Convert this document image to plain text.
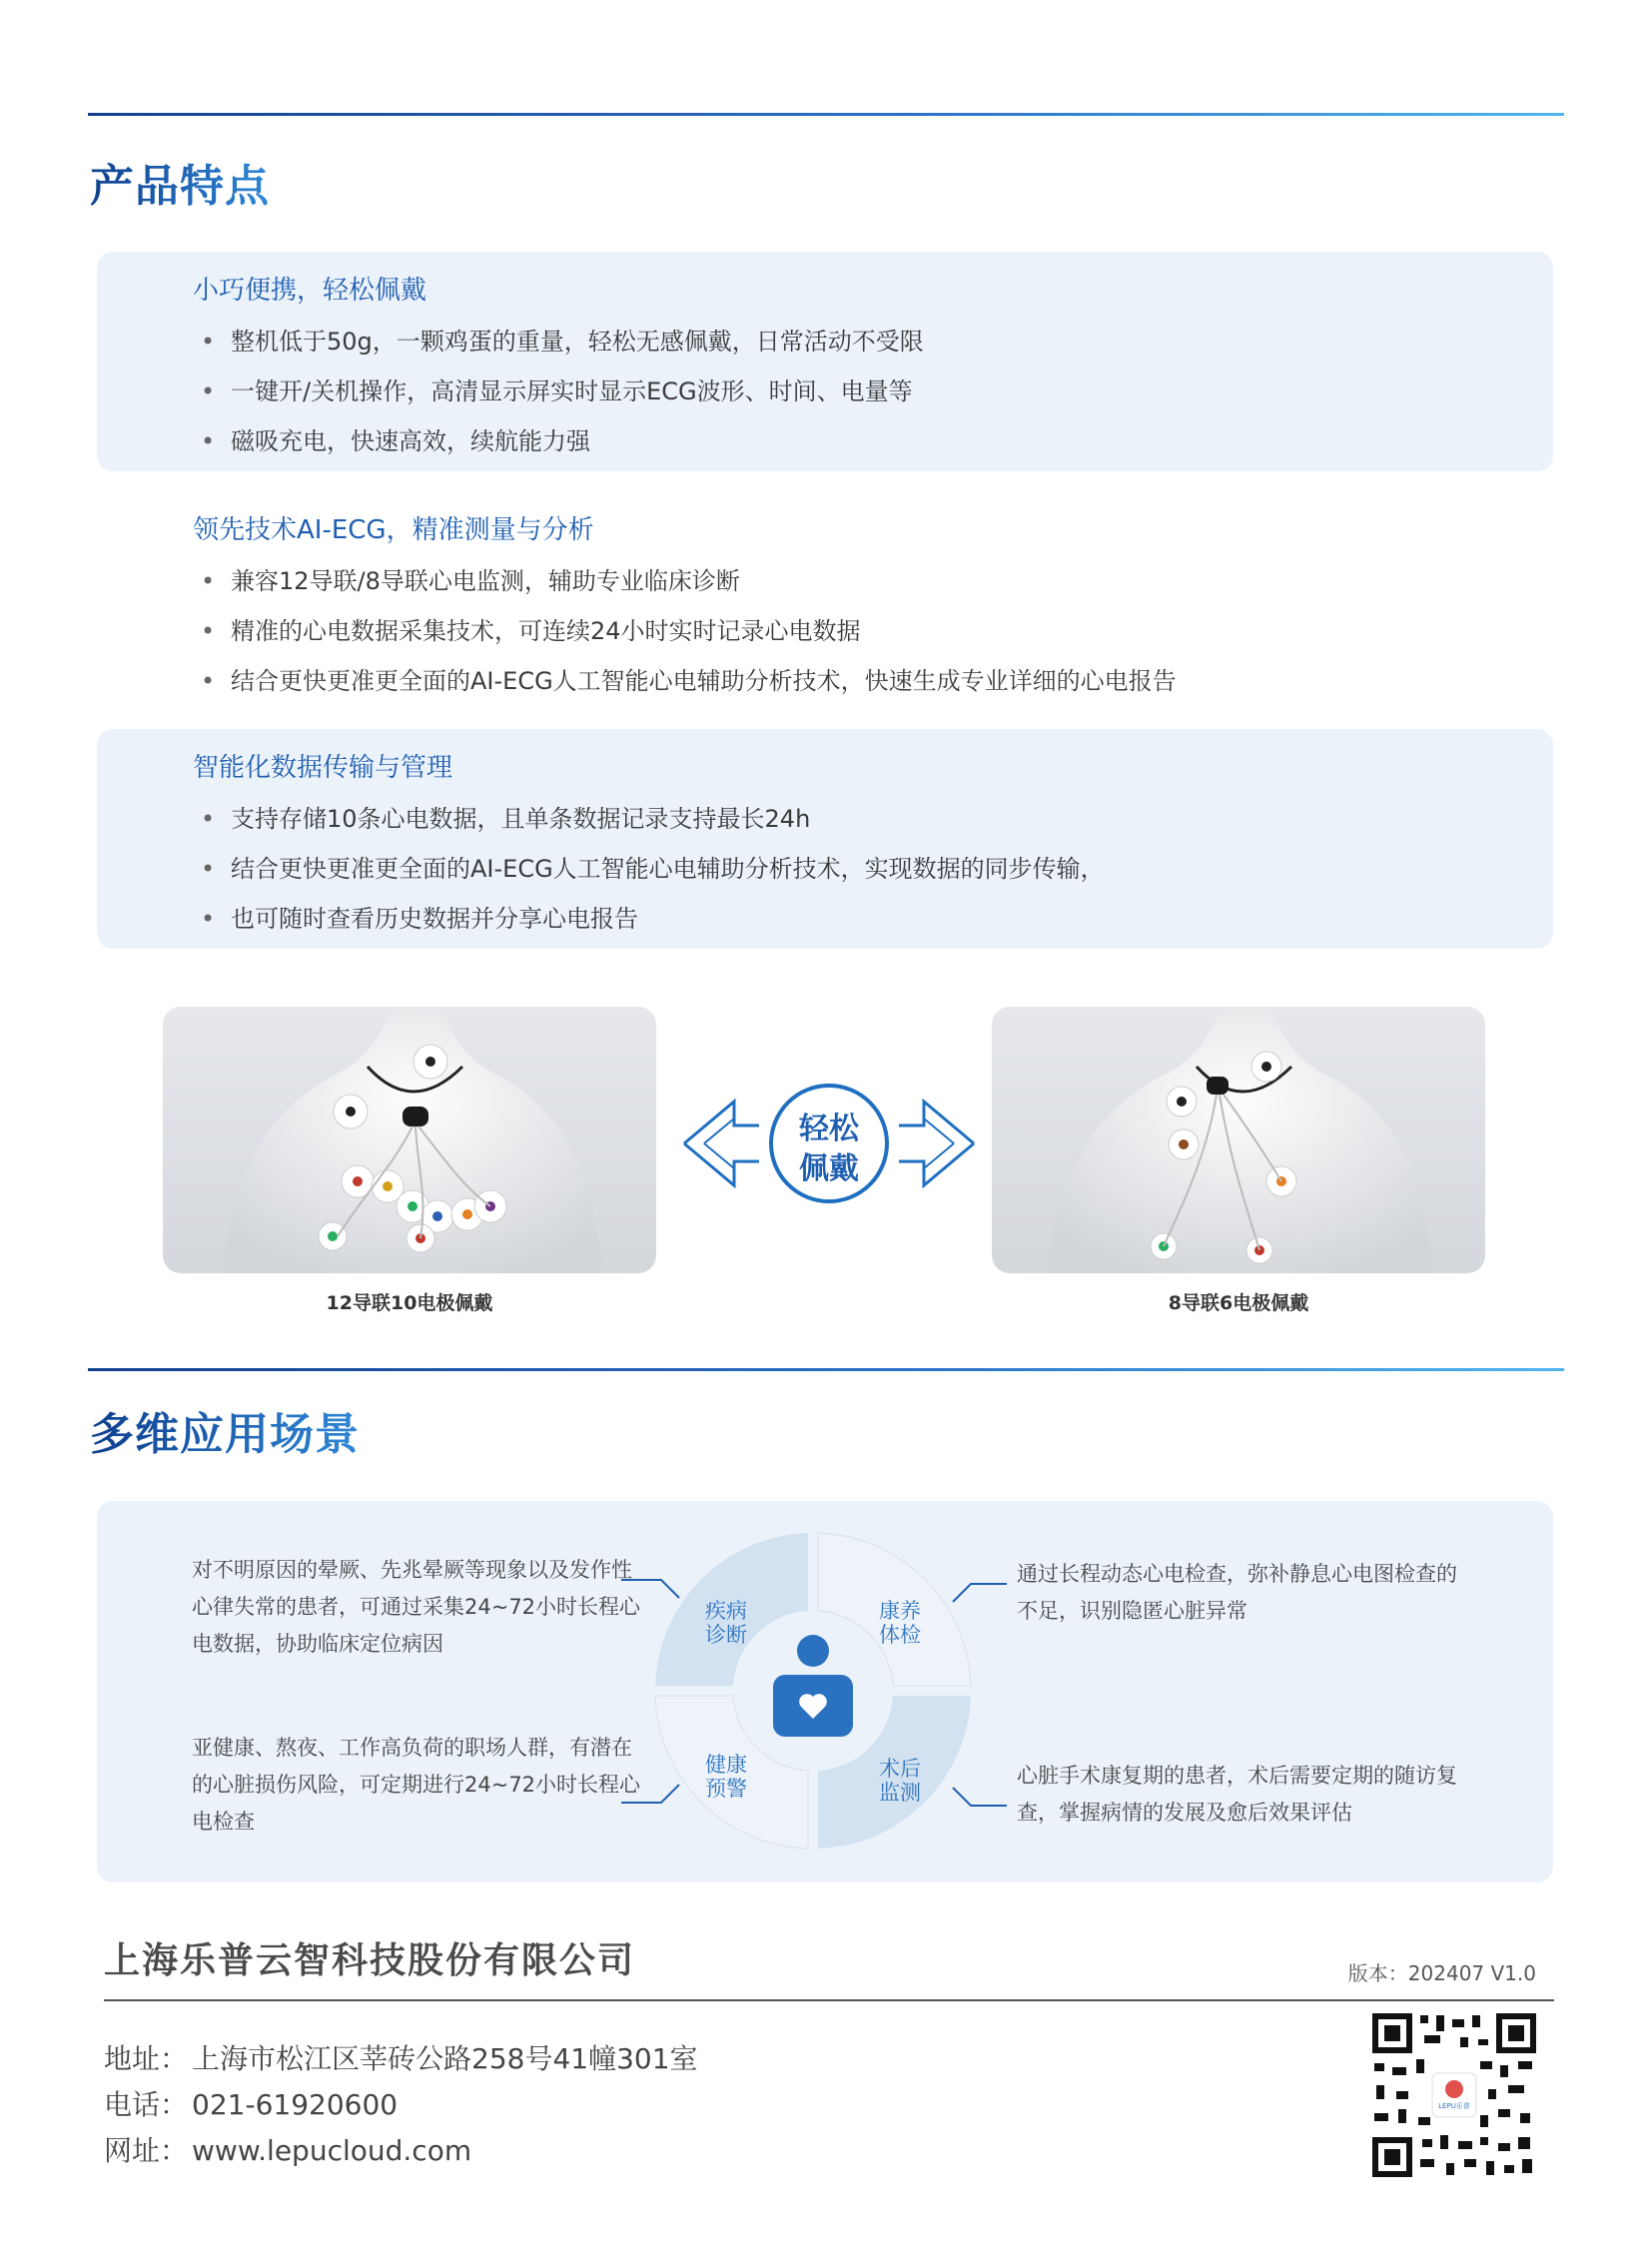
产品特点
小巧便携，轻松佩戴
• 整机低于50g，一颗鸡蛋的重量，轻松无感佩戴，日常活动不受限
• 一键开/关机操作，高清显示屏实时显示ECG波形、时间、电量等
• 磁吸充电，快速高效，续航能力强
领先技术AI-ECG，精准测量与分析
• 兼容12导联/8导联心电监测，辅助专业临床诊断
• 精准的心电数据采集技术，可连续24小时实时记录心电数据
• 结合更快更准更全面的AI-ECG人工智能心电辅助分析技术，快速生成专业详细的心电报告
智能化数据传输与管理
• 支持存储10条心电数据，且单条数据记录支持最长24h
• 结合更快更准更全面的AI-ECG人工智能心电辅助分析技术，实现数据的同步传输，
• 也可随时查看历史数据并分享心电报告
轻松
佩戴
12导联10电极佩戴	8导联6电极佩戴
多维应用场景

对不明原因的晕厥、先兆晕厥等现象以及发作性心律失常的患者，可通过采集24~72小时长程心电数据，协助临床定位病因

亚健康、熬夜、工作高负荷的职场人群，有潜在的心脏损伤风险，可定期进行24~72小时长程心电检查

通过长程动态心电检查，弥补静息心电图检查的不足，识别隐匿心脏异常

心脏手术康复期的患者，术后需要定期的随访复查，掌握病情的发展及愈后效果评估

疾病
诊断
康养
体检
健康
预警
术后
监测
上海乐普云智科技股份有限公司	版本：202407 V1.0
地址： 上海市松江区莘砖公路258号41幢301室
电话： 021-61920600
网址： www.lepucloud.com
LEPU乐普
